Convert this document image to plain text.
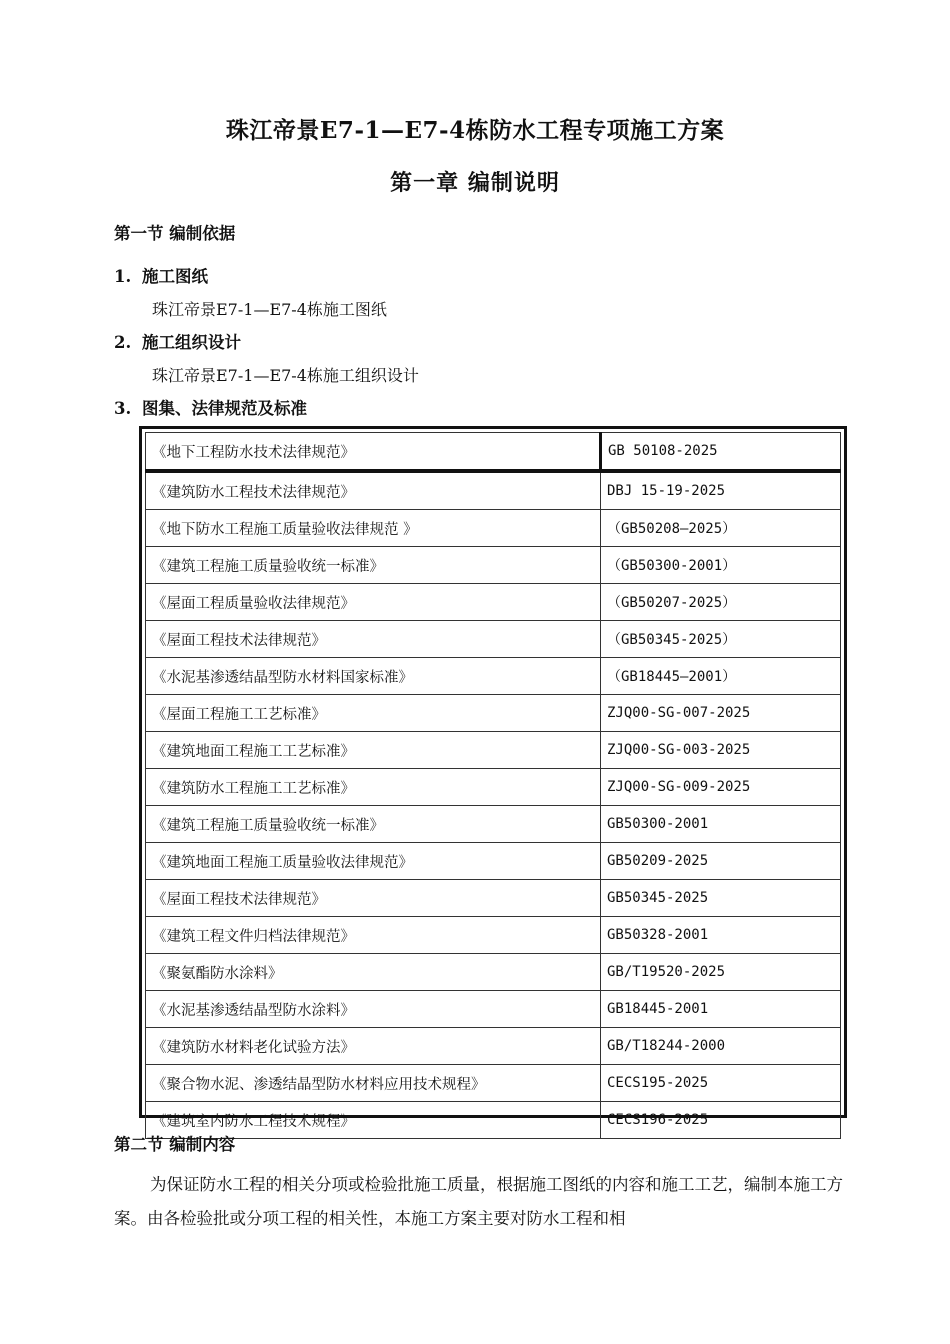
珠江帝景E7-1—E7-4栋防水工程专项施工方案
第一章 编制说明
第一节 编制依据
1. 施工图纸
珠江帝景E7-1—E7-4栋施工图纸
2. 施工组织设计
珠江帝景E7-1—E7-4栋施工组织设计
3. 图集、法律规范及标准
《地下工程防水技术法律规范》	GB 50108-2025
《建筑防水工程技术法律规范》	DBJ 15-19-2025
《地下防水工程施工质量验收法律规范 》	（GB50208—2025）
《建筑工程施工质量验收统一标准》	（GB50300-2001）
《屋面工程质量验收法律规范》	（GB50207-2025）
《屋面工程技术法律规范》	（GB50345-2025）
《水泥基渗透结晶型防水材料国家标准》	（GB18445—2001）
《屋面工程施工工艺标准》	ZJQ00-SG-007-2025
《建筑地面工程施工工艺标准》	ZJQ00-SG-003-2025
《建筑防水工程施工工艺标准》	ZJQ00-SG-009-2025
《建筑工程施工质量验收统一标准》	GB50300-2001
《建筑地面工程施工质量验收法律规范》	GB50209-2025
《屋面工程技术法律规范》	GB50345-2025
《建筑工程文件归档法律规范》	GB50328-2001
《聚氨酯防水涂料》	GB/T19520-2025
《水泥基渗透结晶型防水涂料》	GB18445-2001
《建筑防水材料老化试验方法》	GB/T18244-2000
《聚合物水泥、渗透结晶型防水材料应用技术规程》	CECS195-2025
《建筑室内防水工程技术规程》	CECS196-2025
第二节 编制内容
为保证防水工程的相关分项或检验批施工质量，根据施工图纸的内容和施工工艺，编制本施工方案。由各检验批或分项工程的相关性，本施工方案主要对防水工程和相
